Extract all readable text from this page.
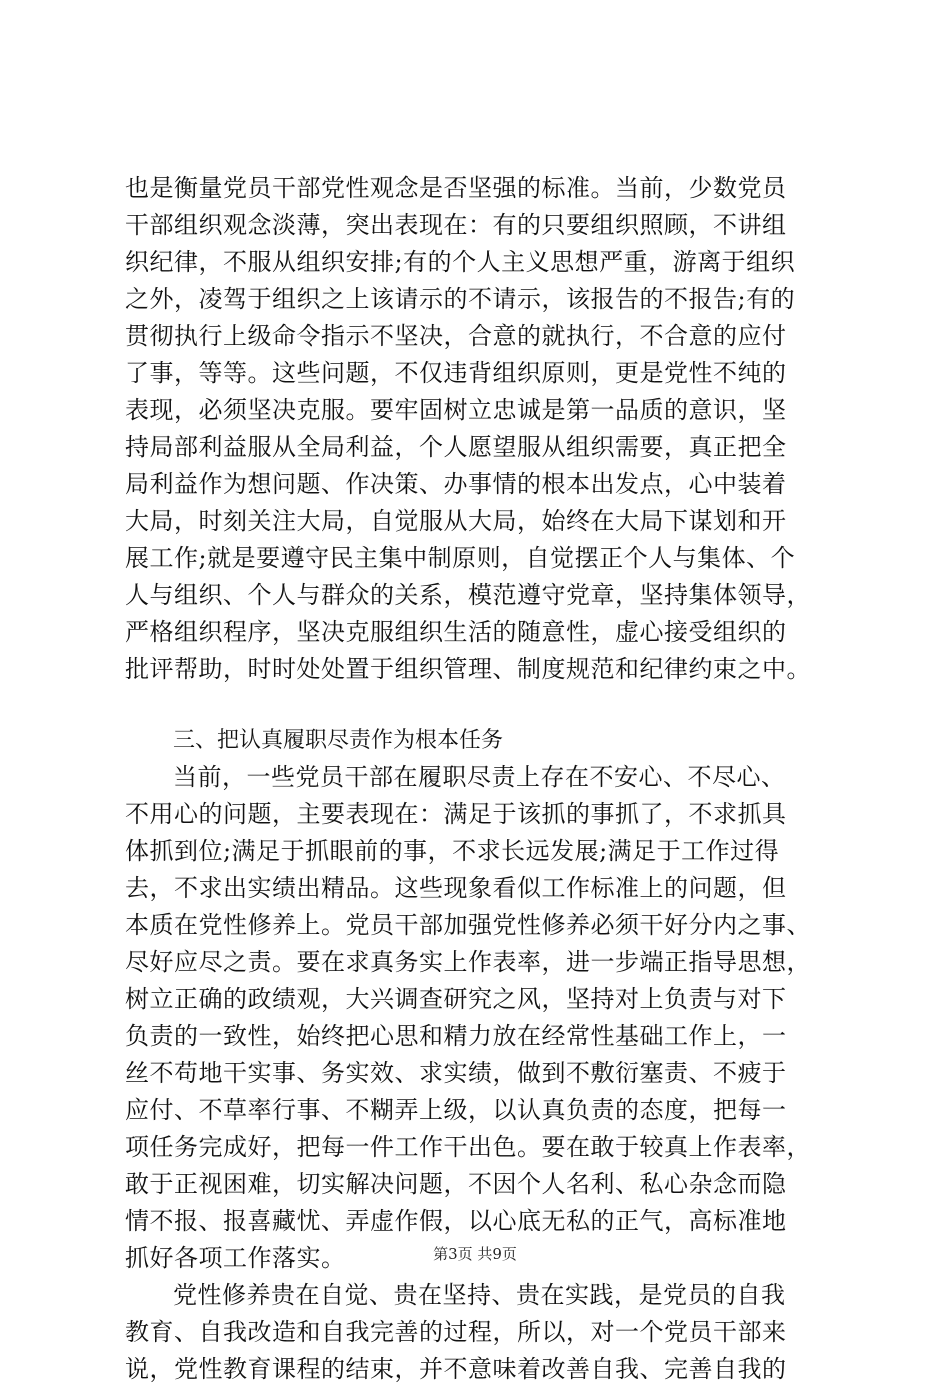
也是衡量党员干部党性观念是否坚强的标准。当前，少数党员
干部组织观念淡薄，突出表现在：有的只要组织照顾，不讲组
织纪律，不服从组织安排;有的个人主义思想严重，游离于组织
之外，凌驾于组织之上该请示的不请示，该报告的不报告;有的
贯彻执行上级命令指示不坚决，合意的就执行，不合意的应付
了事，等等。这些问题，不仅违背组织原则，更是党性不纯的
表现，必须坚决克服。要牢固树立忠诚是第一品质的意识，坚
持局部利益服从全局利益，个人愿望服从组织需要，真正把全
局利益作为想问题、作决策、办事情的根本出发点，心中装着
大局，时刻关注大局，自觉服从大局，始终在大局下谋划和开
展工作;就是要遵守民主集中制原则，自觉摆正个人与集体、个
人与组织、个人与群众的关系，模范遵守党章，坚持集体领导，
严格组织程序，坚决克服组织生活的随意性，虚心接受组织的
批评帮助，时时处处置于组织管理、制度规范和纪律约束之中。
三、把认真履职尽责作为根本任务
当前，一些党员干部在履职尽责上存在不安心、不尽心、
不用心的问题，主要表现在：满足于该抓的事抓了，不求抓具
体抓到位;满足于抓眼前的事，不求长远发展;满足于工作过得
去，不求出实绩出精品。这些现象看似工作标准上的问题，但
本质在党性修养上。党员干部加强党性修养必须干好分内之事、
尽好应尽之责。要在求真务实上作表率，进一步端正指导思想，
树立正确的政绩观，大兴调查研究之风，坚持对上负责与对下
负责的一致性，始终把心思和精力放在经常性基础工作上，一
丝不苟地干实事、务实效、求实绩，做到不敷衍塞责、不疲于
应付、不草率行事、不糊弄上级，以认真负责的态度，把每一
项任务完成好，把每一件工作干出色。要在敢于较真上作表率，
敢于正视困难，切实解决问题，不因个人名利、私心杂念而隐
情不报、报喜藏忧、弄虚作假，以心底无私的正气，高标准地
抓好各项工作落实。
党性修养贵在自觉、贵在坚持、贵在实践，是党员的自我
教育、自我改造和自我完善的过程，所以，对一个党员干部来
说，党性教育课程的结束，并不意味着改善自我、完善自我的
第3页 共9页
